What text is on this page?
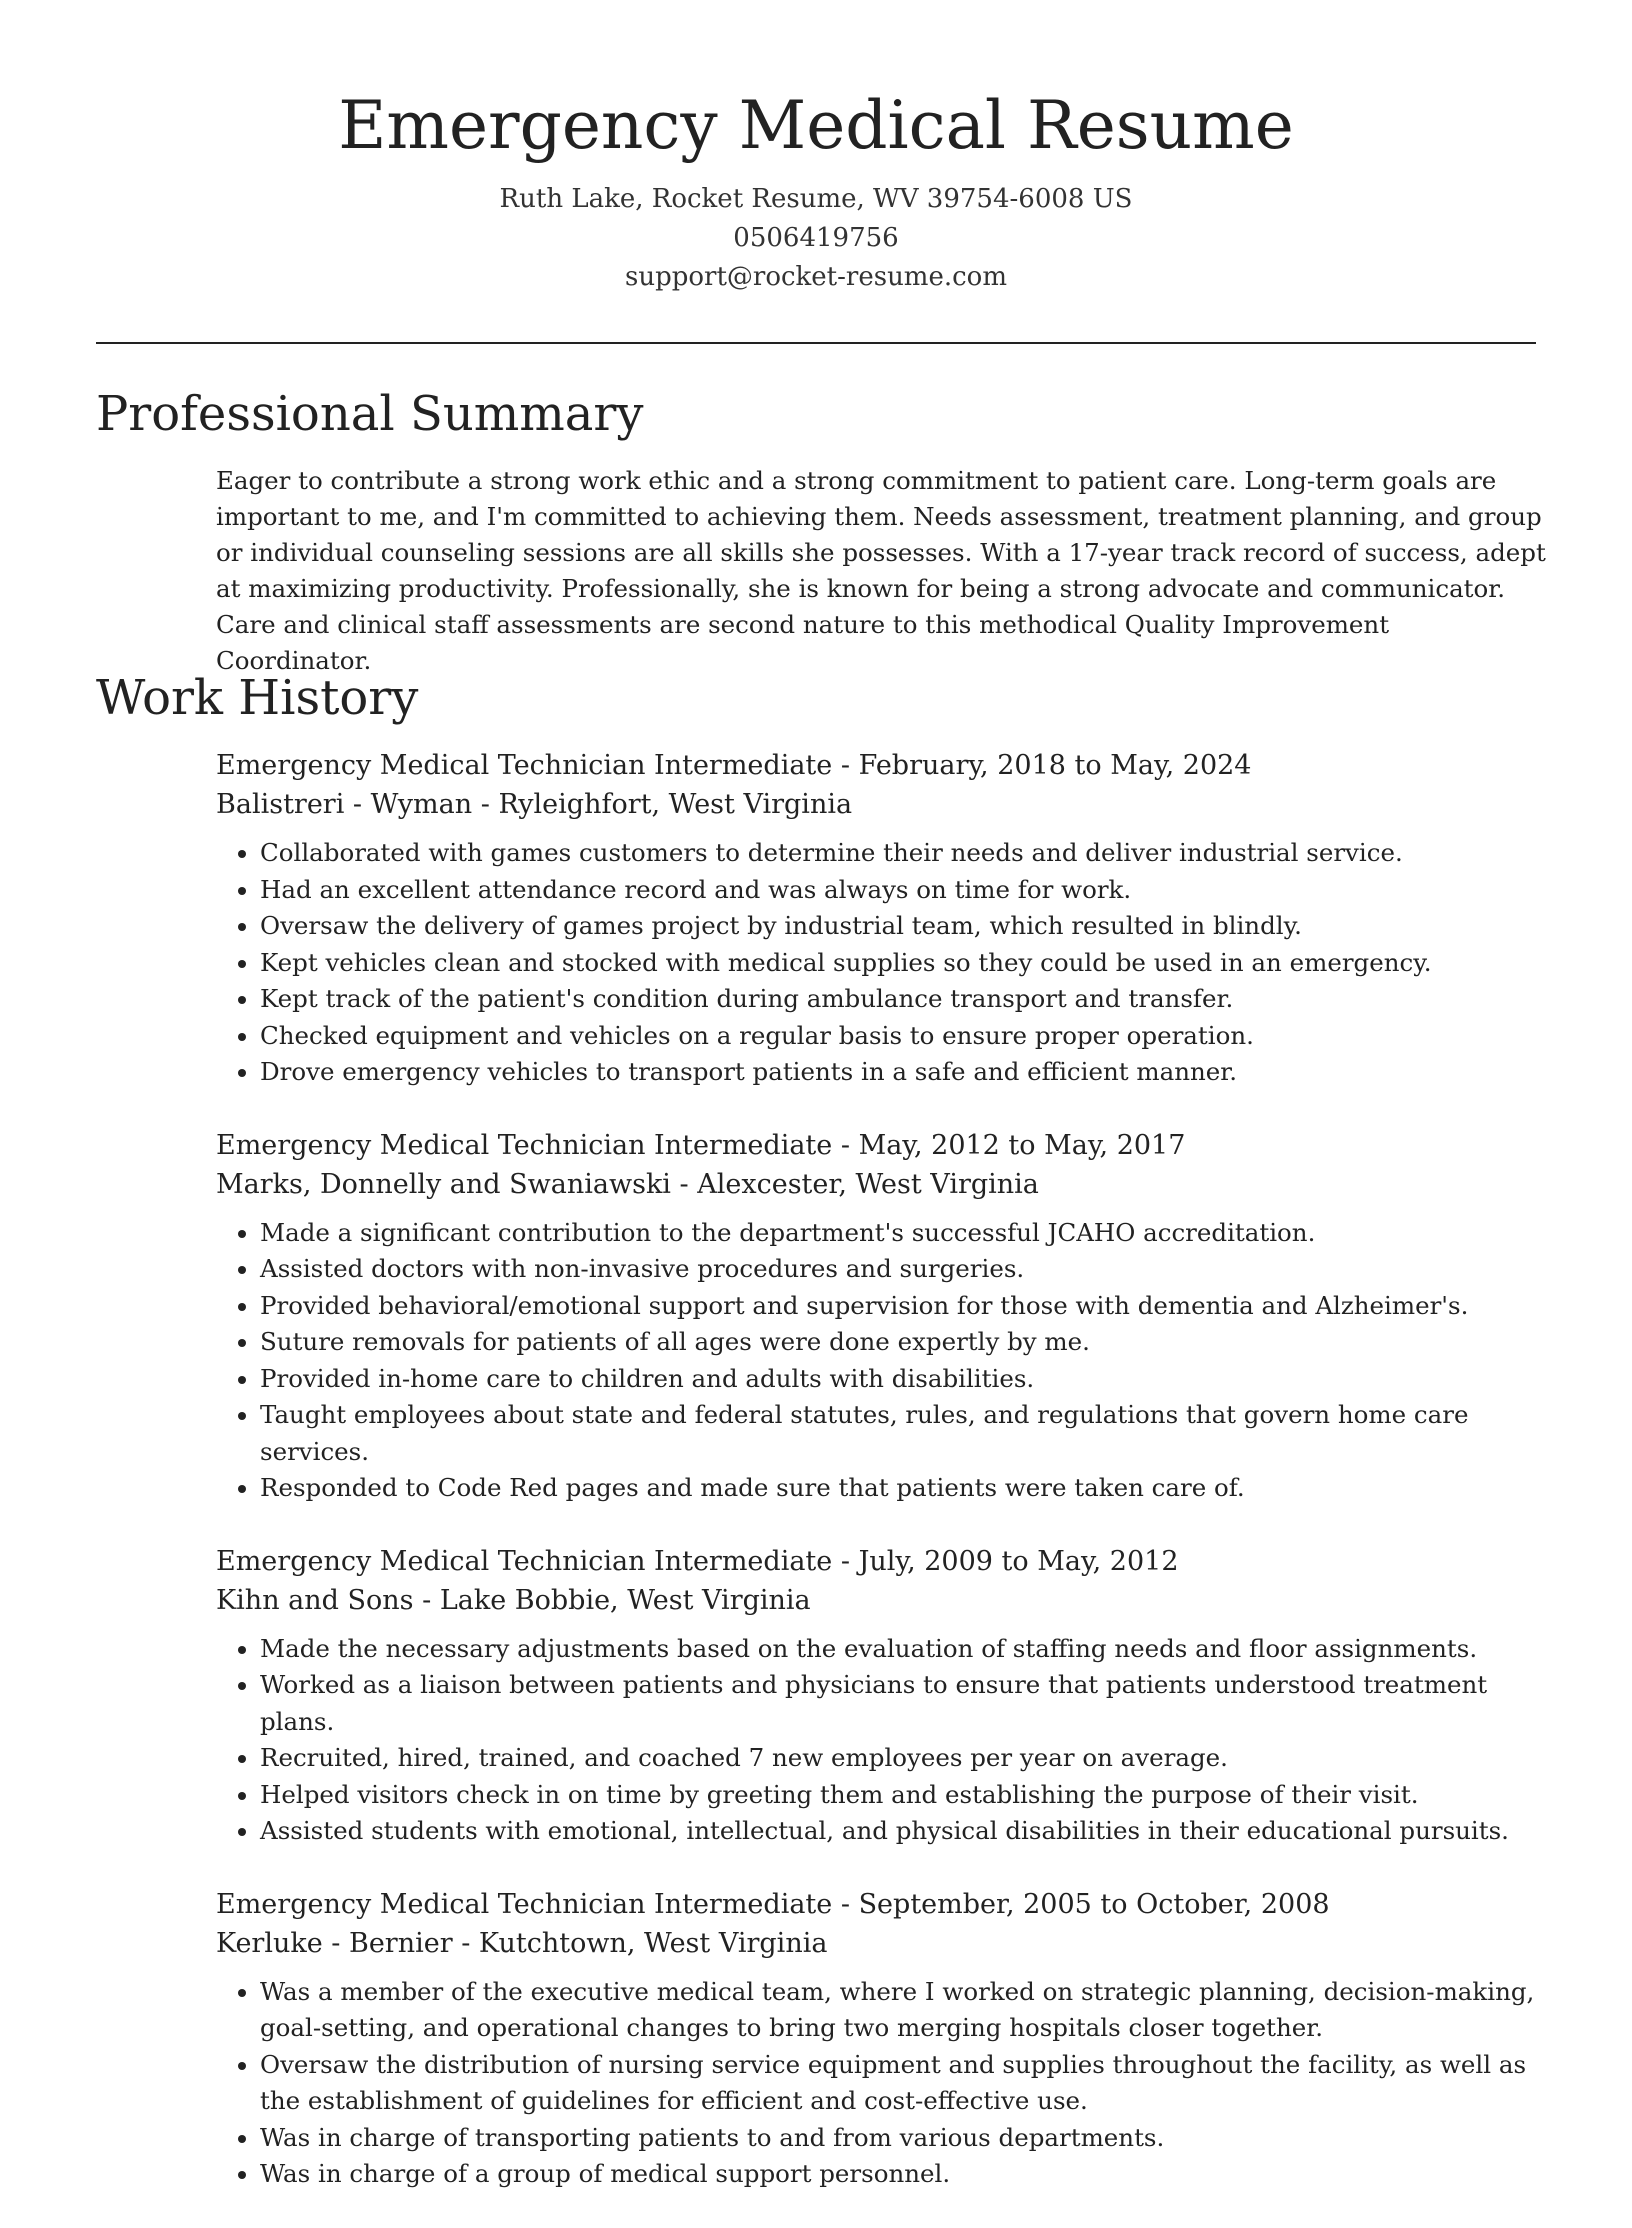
Emergency Medical Resume

Ruth Lake, Rocket Resume, WV 39754-6008 US

0506419756

support@rocket-resume.com

Professional Summary

Eager to contribute a strong work ethic and a strong commitment to patient care. Long-term goals are important to me, and I'm committed to achieving them. Needs assessment, treatment planning, and group or individual counseling sessions are all skills she possesses. With a 17-year track record of success, adept at maximizing productivity. Professionally, she is known for being a strong advocate and communicator. Care and clinical staff assessments are second nature to this methodical Quality Improvement Coordinator.

Work History

Emergency Medical Technician Intermediate - February, 2018 to May, 2024

Balistreri - Wyman - Ryleighfort, West Virginia

• Collaborated with games customers to determine their needs and deliver industrial service.
• Had an excellent attendance record and was always on time for work.
• Oversaw the delivery of games project by industrial team, which resulted in blindly.
• Kept vehicles clean and stocked with medical supplies so they could be used in an emergency.
• Kept track of the patient's condition during ambulance transport and transfer.
• Checked equipment and vehicles on a regular basis to ensure proper operation.
• Drove emergency vehicles to transport patients in a safe and efficient manner.

Emergency Medical Technician Intermediate - May, 2012 to May, 2017

Marks, Donnelly and Swaniawski - Alexcester, West Virginia

• Made a significant contribution to the department's successful JCAHO accreditation.
• Assisted doctors with non-invasive procedures and surgeries.
• Provided behavioral/emotional support and supervision for those with dementia and Alzheimer's.
• Suture removals for patients of all ages were done expertly by me.
• Provided in-home care to children and adults with disabilities.
• Taught employees about state and federal statutes, rules, and regulations that govern home care services.
• Responded to Code Red pages and made sure that patients were taken care of.

Emergency Medical Technician Intermediate - July, 2009 to May, 2012

Kihn and Sons - Lake Bobbie, West Virginia

• Made the necessary adjustments based on the evaluation of staffing needs and floor assignments.
• Worked as a liaison between patients and physicians to ensure that patients understood treatment plans.
• Recruited, hired, trained, and coached 7 new employees per year on average.
• Helped visitors check in on time by greeting them and establishing the purpose of their visit.
• Assisted students with emotional, intellectual, and physical disabilities in their educational pursuits.

Emergency Medical Technician Intermediate - September, 2005 to October, 2008

Kerluke - Bernier - Kutchtown, West Virginia

• Was a member of the executive medical team, where I worked on strategic planning, decision-making, goal-setting, and operational changes to bring two merging hospitals closer together.
• Oversaw the distribution of nursing service equipment and supplies throughout the facility, as well as the establishment of guidelines for efficient and cost-effective use.
• Was in charge of transporting patients to and from various departments.
• Was in charge of a group of medical support personnel.
